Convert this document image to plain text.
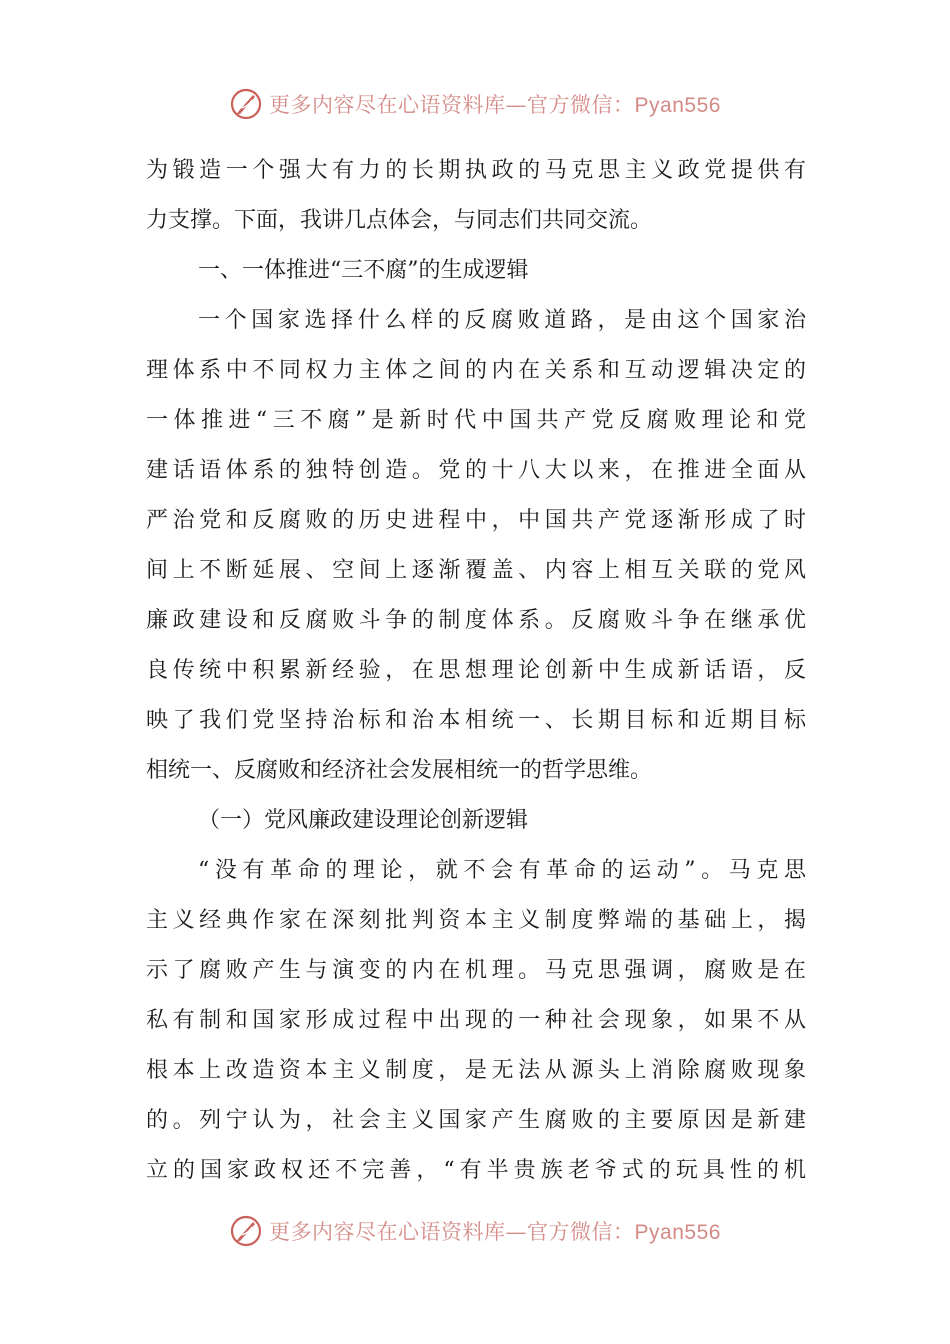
更多内容尽在心语资料库—官方微信：Pyan556
为锻造一个强大有力的长期执政的马克思主义政党提供有
力支撑。下面，我讲几点体会，与同志们共同交流。
一、一体推进“三不腐”的生成逻辑
一个国家选择什么样的反腐败道路，是由这个国家治
理体系中不同权力主体之间的内在关系和互动逻辑决定的
一体推进“三不腐”是新时代中国共产党反腐败理论和党
建话语体系的独特创造。党的十八大以来，在推进全面从
严治党和反腐败的历史进程中，中国共产党逐渐形成了时
间上不断延展、空间上逐渐覆盖、内容上相互关联的党风
廉政建设和反腐败斗争的制度体系。反腐败斗争在继承优
良传统中积累新经验，在思想理论创新中生成新话语，反
映了我们党坚持治标和治本相统一、长期目标和近期目标
相统一、反腐败和经济社会发展相统一的哲学思维。
（一）党风廉政建设理论创新逻辑
“没有革命的理论，就不会有革命的运动”。马克思
主义经典作家在深刻批判资本主义制度弊端的基础上，揭
示了腐败产生与演变的内在机理。马克思强调，腐败是在
私有制和国家形成过程中出现的一种社会现象，如果不从
根本上改造资本主义制度，是无法从源头上消除腐败现象
的。列宁认为，社会主义国家产生腐败的主要原因是新建
立的国家政权还不完善，“有半贵族老爷式的玩具性的机
更多内容尽在心语资料库—官方微信：Pyan556
